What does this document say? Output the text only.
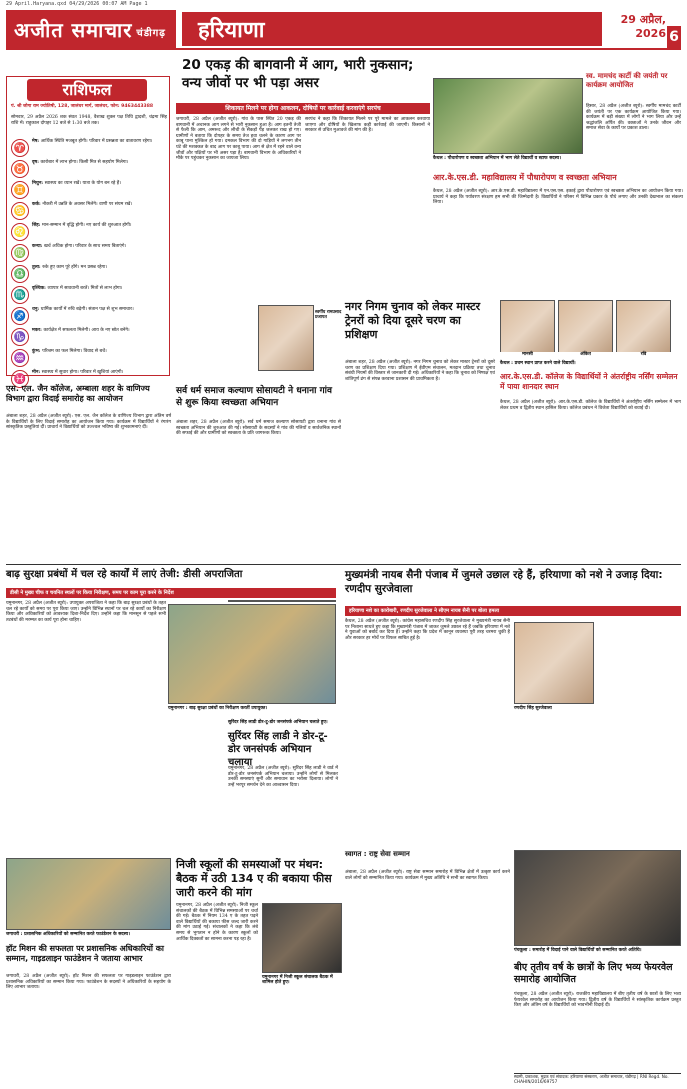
29 April.Haryana.qxd 04/29/2026 00:07 AM Page 1
अजीत समाचार चंडीगढ़	हरियाणा	29 अप्रैल, 2026 6
राशिफल
पं. श्री जोगा राम ज्योतिषी, 128, जालंधर मार्ग, जालंधर, फोन: 9463443388
सोमवार, 29 अप्रैल 2026 शक संवत 1948, वैशाख शुक्ल पक्ष तिथि द्वादशी, चंद्रमा सिंह राशि में। राहुकाल दोपहर 12 बजे से 1:30 बजे तक।
♈
मेष: आर्थिक स्थिति मजबूत होगी। परिवार में प्रसन्नता का वातावरण रहेगा।
♉
वृष: कारोबार में लाभ होगा। किसी मित्र से सहयोग मिलेगा।
♊
मिथुन: स्वास्थ्य का ध्यान रखें। यात्रा के योग बन रहे हैं।
♋
कर्क: नौकरी में उन्नति के अवसर मिलेंगे। वाणी पर संयम रखें।
♌
सिंह: मान-सम्मान में वृद्धि होगी। नए कार्य की शुरुआत होगी।
♍
कन्या: खर्च अधिक होगा। परिवार के साथ समय बिताएंगे।
♎
तुला: रुके हुए काम पूरे होंगे। मन प्रसन्न रहेगा।
♏
वृश्चिक: व्यापार में सावधानी बरतें। मित्रों से लाभ होगा।
♐
धनु: धार्मिक कार्यों में रुचि बढ़ेगी। संतान पक्ष से शुभ समाचार।
♑
मकर: कार्यक्षेत्र में सफलता मिलेगी। आय के नए स्रोत बनेंगे।
♒
कुंभ: परिश्रम का फल मिलेगा। विवाद से बचें।
♓
मीन: स्वास्थ्य में सुधार होगा। परिवार में खुशियां आएंगी।
20 एकड़ की बागवानी में आग, भारी नुकसान; वन्य जीवों पर भी पड़ा असर
शिकायत मिलने पर होगा आकलन, दोषियों पर कार्रवाई करवाएंगे सरपंच
जगाधरी, 28 अप्रैल (अजीत ब्यूरो): गांव के पास स्थित 20 एकड़ की बागवानी में अचानक आग लगने से भारी नुकसान हुआ है। आग इतनी तेजी से फैली कि आम, अमरूद और लीची के सैकड़ों पेड़ जलकर राख हो गए। ग्रामीणों ने बताया कि दोपहर के समय तेज हवा चलने के कारण आग पर काबू पाना मुश्किल हो गया। दमकल विभाग की दो गाड़ियों ने लगभग तीन घंटे की मशक्कत के बाद आग पर काबू पाया। आग से क्षेत्र में रहने वाले वन्य जीवों और पक्षियों पर भी असर पड़ा है। बागवानी विभाग के अधिकारियों ने मौके पर पहुंचकर नुकसान का जायजा लिया।
सरपंच ने कहा कि शिकायत मिलने पर पूरे मामले का आकलन करवाया जाएगा और दोषियों के खिलाफ कड़ी कार्रवाई की जाएगी। किसानों ने सरकार से उचित मुआवजे की मांग की है।
स्व. मामचंद कार्टी की जयंती पर कार्यक्रम आयोजित
हिसार, 28 अप्रैल (अजीत ब्यूरो): स्वर्गीय मामचंद कार्टी की जयंती पर एक कार्यक्रम आयोजित किया गया। कार्यक्रम में बड़ी संख्या में लोगों ने भाग लिया और उन्हें श्रद्धांजलि अर्पित की। वक्ताओं ने उनके जीवन और समाज सेवा के कार्यों पर प्रकाश डाला।
कैथल : पौधारोपण व स्वच्छता अभियान में भाग लेते विद्यार्थी व स्टाफ सदस्य।
आर.के.एस.डी. महाविद्यालय में पौधारोपण व स्वच्छता अभियान
कैथल, 28 अप्रैल (अजीत ब्यूरो): आर.के.एस.डी. महाविद्यालय में एन.एस.एस. इकाई द्वारा पौधारोपण एवं स्वच्छता अभियान का आयोजन किया गया। प्राचार्य ने कहा कि पर्यावरण संरक्षण हम सभी की जिम्मेदारी है। विद्यार्थियों ने परिसर में विभिन्न प्रकार के पौधे लगाए और उनकी देखभाल का संकल्प लिया।
नगर निगम चुनाव को लेकर मास्टर ट्रेनरों को दिया दूसरे चरण का प्रशिक्षण
अंबाला शहर, 28 अप्रैल (अजीत ब्यूरो): नगर निगम चुनाव को लेकर मास्टर ट्रेनरों को दूसरे चरण का प्रशिक्षण दिया गया। प्रशिक्षण में ईवीएम संचालन, मतदान प्रक्रिया तथा चुनाव संबंधी नियमों की विस्तार से जानकारी दी गई। अधिकारियों ने कहा कि चुनाव को निष्पक्ष एवं शांतिपूर्ण ढंग से संपन्न करवाना प्रशासन की प्राथमिकता है।
स्वर्गीय रामप्रसाद प्रजापत
सर्व धर्म समाज कल्याण सोसायटी ने धनाना गांव से शुरू किया स्वच्छता अभियान
अंबाला शहर, 28 अप्रैल (अजीत ब्यूरो): सर्व धर्म समाज कल्याण सोसायटी द्वारा धनाना गांव से स्वच्छता अभियान की शुरुआत की गई। सोसायटी के सदस्यों ने गांव की गलियों व सार्वजनिक स्थानों की सफाई की और ग्रामीणों को स्वच्छता के प्रति जागरूक किया।
एस. एल. जैन कॉलेज, अम्बाला शहर के वाणिज्य विभाग द्वारा विदाई समारोह का आयोजन
अंबाला शहर, 28 अप्रैल (अजीत ब्यूरो): एस. एल. जैन कॉलेज के वाणिज्य विभाग द्वारा अंतिम वर्ष के विद्यार्थियों के लिए विदाई समारोह का आयोजन किया गया। कार्यक्रम में विद्यार्थियों ने रंगारंग सांस्कृतिक प्रस्तुतियां दीं। प्राचार्य ने विद्यार्थियों को उज्ज्वल भविष्य की शुभकामनाएं दीं।
मानसी	अंकित	रवि
कैथल : प्रथम स्थान प्राप्त करने वाले विद्यार्थी।
आर.के.एस.डी. कॉलेज के विद्यार्थियों ने अंतर्राष्ट्रीय नर्सिंग सम्मेलन में पाया शानदार स्थान
कैथल, 28 अप्रैल (अजीत ब्यूरो): आर.के.एस.डी. कॉलेज के विद्यार्थियों ने अंतर्राष्ट्रीय नर्सिंग सम्मेलन में भाग लेकर प्रथम व द्वितीय स्थान हासिल किया। कॉलेज प्रबंधन ने विजेता विद्यार्थियों को बधाई दी।
बाढ़ सुरक्षा प्रबंधों में चल रहे कार्यों में लाएं तेजी: डीसी अपराजिता
डीसी ने मुख्य चीफ व चयनित स्थलों पर किया निरीक्षण, समय पर काम पूरा करने के निर्देश
यमुनानगर, 28 अप्रैल (अजीत ब्यूरो): उपायुक्त अपराजिता ने कहा कि बाढ़ सुरक्षा प्रबंधों के तहत चल रहे कार्यों को समय पर पूरा किया जाए। उन्होंने विभिन्न स्थानों पर चल रहे कार्यों का निरीक्षण किया और अधिकारियों को आवश्यक दिशा-निर्देश दिए। उन्होंने कहा कि मानसून से पहले सभी तटबंधों की मरम्मत का कार्य पूरा होना चाहिए।
यमुनानगर : बाढ़ सुरक्षा प्रबंधों का निरीक्षण करतीं उपायुक्त।
सुरिंदर सिंह लाडी डोर-टू-डोर जनसंपर्क अभियान चलाते हुए।
सुरिंदर सिंह लाडी ने डोर-टू-डोर जनसंपर्क अभियान चलाया
यमुनानगर, 28 अप्रैल (अजीत ब्यूरो): सुरिंदर सिंह लाडी ने वार्ड में डोर-टू-डोर जनसंपर्क अभियान चलाया। उन्होंने लोगों से मिलकर उनकी समस्याएं सुनीं और समाधान का भरोसा दिलाया। लोगों ने उन्हें भरपूर समर्थन देने का आश्वासन दिया।
मुख्यमंत्री नायब सैनी पंजाब में जुमले उछाल रहे हैं, हरियाणा को नशे ने उजाड़ दिया: रणदीप सुरजेवाला
हरियाणा नशे का कारोबारी, रणदीप सुरजेवाला ने सीएम नायब सैनी पर बोला हमला
कैथल, 28 अप्रैल (अजीत ब्यूरो): कांग्रेस महासचिव रणदीप सिंह सुरजेवाला ने मुख्यमंत्री नायब सैनी पर निशाना साधते हुए कहा कि मुख्यमंत्री पंजाब में जाकर जुमले उछाल रहे हैं जबकि हरियाणा में नशे ने युवाओं को बर्बाद कर दिया है। उन्होंने कहा कि प्रदेश में कानून व्यवस्था पूरी तरह चरमरा चुकी है और सरकार हर मोर्चे पर विफल साबित हुई है।
रणदीप सिंह सुरजेवाला
निजी स्कूलों की समस्याओं पर मंथन: बैठक में उठी 134 ए की बकाया फीस जारी करने की मांग
यमुनानगर, 28 अप्रैल (अजीत ब्यूरो): निजी स्कूल संचालकों की बैठक में विभिन्न समस्याओं पर चर्चा की गई। बैठक में नियम 134 ए के तहत पढ़ने वाले विद्यार्थियों की बकाया फीस जल्द जारी करने की मांग उठाई गई। संचालकों ने कहा कि लंबे समय से भुगतान न होने के कारण स्कूलों को आर्थिक दिक्कतों का सामना करना पड़ रहा है।
यमुनानगर में निजी स्कूल संचालक बैठक में शामिल होते हुए।
जगाधरी : प्रशासनिक अधिकारियों को सम्मानित करते फाउंडेशन के सदस्य।
हॉट मिशन की सफलता पर प्रशासनिक अधिकारियों का सम्मान, गाइडलाइन फाउंडेशन ने जताया आभार
जगाधरी, 28 अप्रैल (अजीत ब्यूरो): हॉट मिशन की सफलता पर गाइडलाइन फाउंडेशन द्वारा प्रशासनिक अधिकारियों का सम्मान किया गया। फाउंडेशन के सदस्यों ने अधिकारियों के सहयोग के लिए आभार जताया।
स्वागत : राष्ट्र सेवा सम्मान
अंबाला, 28 अप्रैल (अजीत ब्यूरो): राष्ट्र सेवा सम्मान समारोह में विभिन्न क्षेत्रों में उत्कृष्ट कार्य करने वाले लोगों को सम्मानित किया गया। कार्यक्रम में मुख्य अतिथि ने सभी का स्वागत किया।
पंचकूला : समारोह में विदाई पाने वाले विद्यार्थियों को सम्मानित करते अतिथि।
बीए तृतीय वर्ष के छात्रों के लिए भव्य फेयरवेल समारोह आयोजित
पंचकूला, 28 अप्रैल (अजीत ब्यूरो): राजकीय महाविद्यालय में बीए तृतीय वर्ष के छात्रों के लिए भव्य फेयरवेल समारोह का आयोजन किया गया। द्वितीय वर्ष के विद्यार्थियों ने सांस्कृतिक कार्यक्रम प्रस्तुत किए और अंतिम वर्ष के विद्यार्थियों को भावभीनी विदाई दी।
स्वामी, प्रकाशक, मुद्रक एवं संपादक: हरियाणा संस्करण, अजीत समाचार, चंडीगढ़ | RNI Regd. No. CHAHIN/2016/69757
